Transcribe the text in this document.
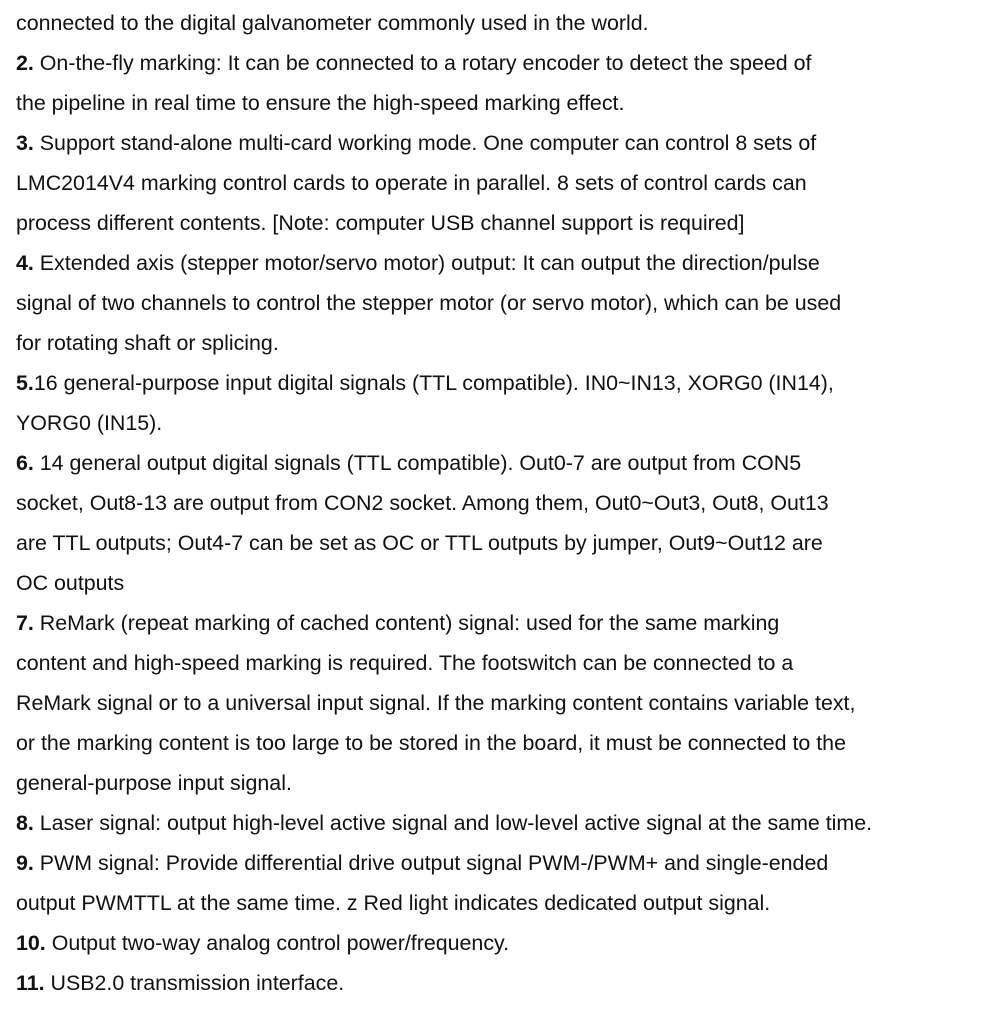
connected to the digital galvanometer commonly used in the world.
2. On-the-fly marking: It can be connected to a rotary encoder to detect the speed of
the pipeline in real time to ensure the high-speed marking effect.
3. Support stand-alone multi-card working mode. One computer can control 8 sets of
LMC2014V4 marking control cards to operate in parallel. 8 sets of control cards can
process different contents. [Note: computer USB channel support is required]
4. Extended axis (stepper motor/servo motor) output: It can output the direction/pulse
signal of two channels to control the stepper motor (or servo motor), which can be used
for rotating shaft or splicing.
5.16 general-purpose input digital signals (TTL compatible). IN0~IN13, XORG0 (IN14),
YORG0 (IN15).
6. 14 general output digital signals (TTL compatible). Out0-7 are output from CON5
socket, Out8-13 are output from CON2 socket. Among them, Out0~Out3, Out8, Out13
are TTL outputs; Out4-7 can be set as OC or TTL outputs by jumper, Out9~Out12 are
OC outputs
7. ReMark (repeat marking of cached content) signal: used for the same marking
content and high-speed marking is required. The footswitch can be connected to a
ReMark signal or to a universal input signal. If the marking content contains variable text,
or the marking content is too large to be stored in the board, it must be connected to the
general-purpose input signal.
8. Laser signal: output high-level active signal and low-level active signal at the same time.
9. PWM signal: Provide differential drive output signal PWM-/PWM+ and single-ended
output PWMTTL at the same time. z Red light indicates dedicated output signal.
10. Output two-way analog control power/frequency.
11. USB2.0 transmission interface.
